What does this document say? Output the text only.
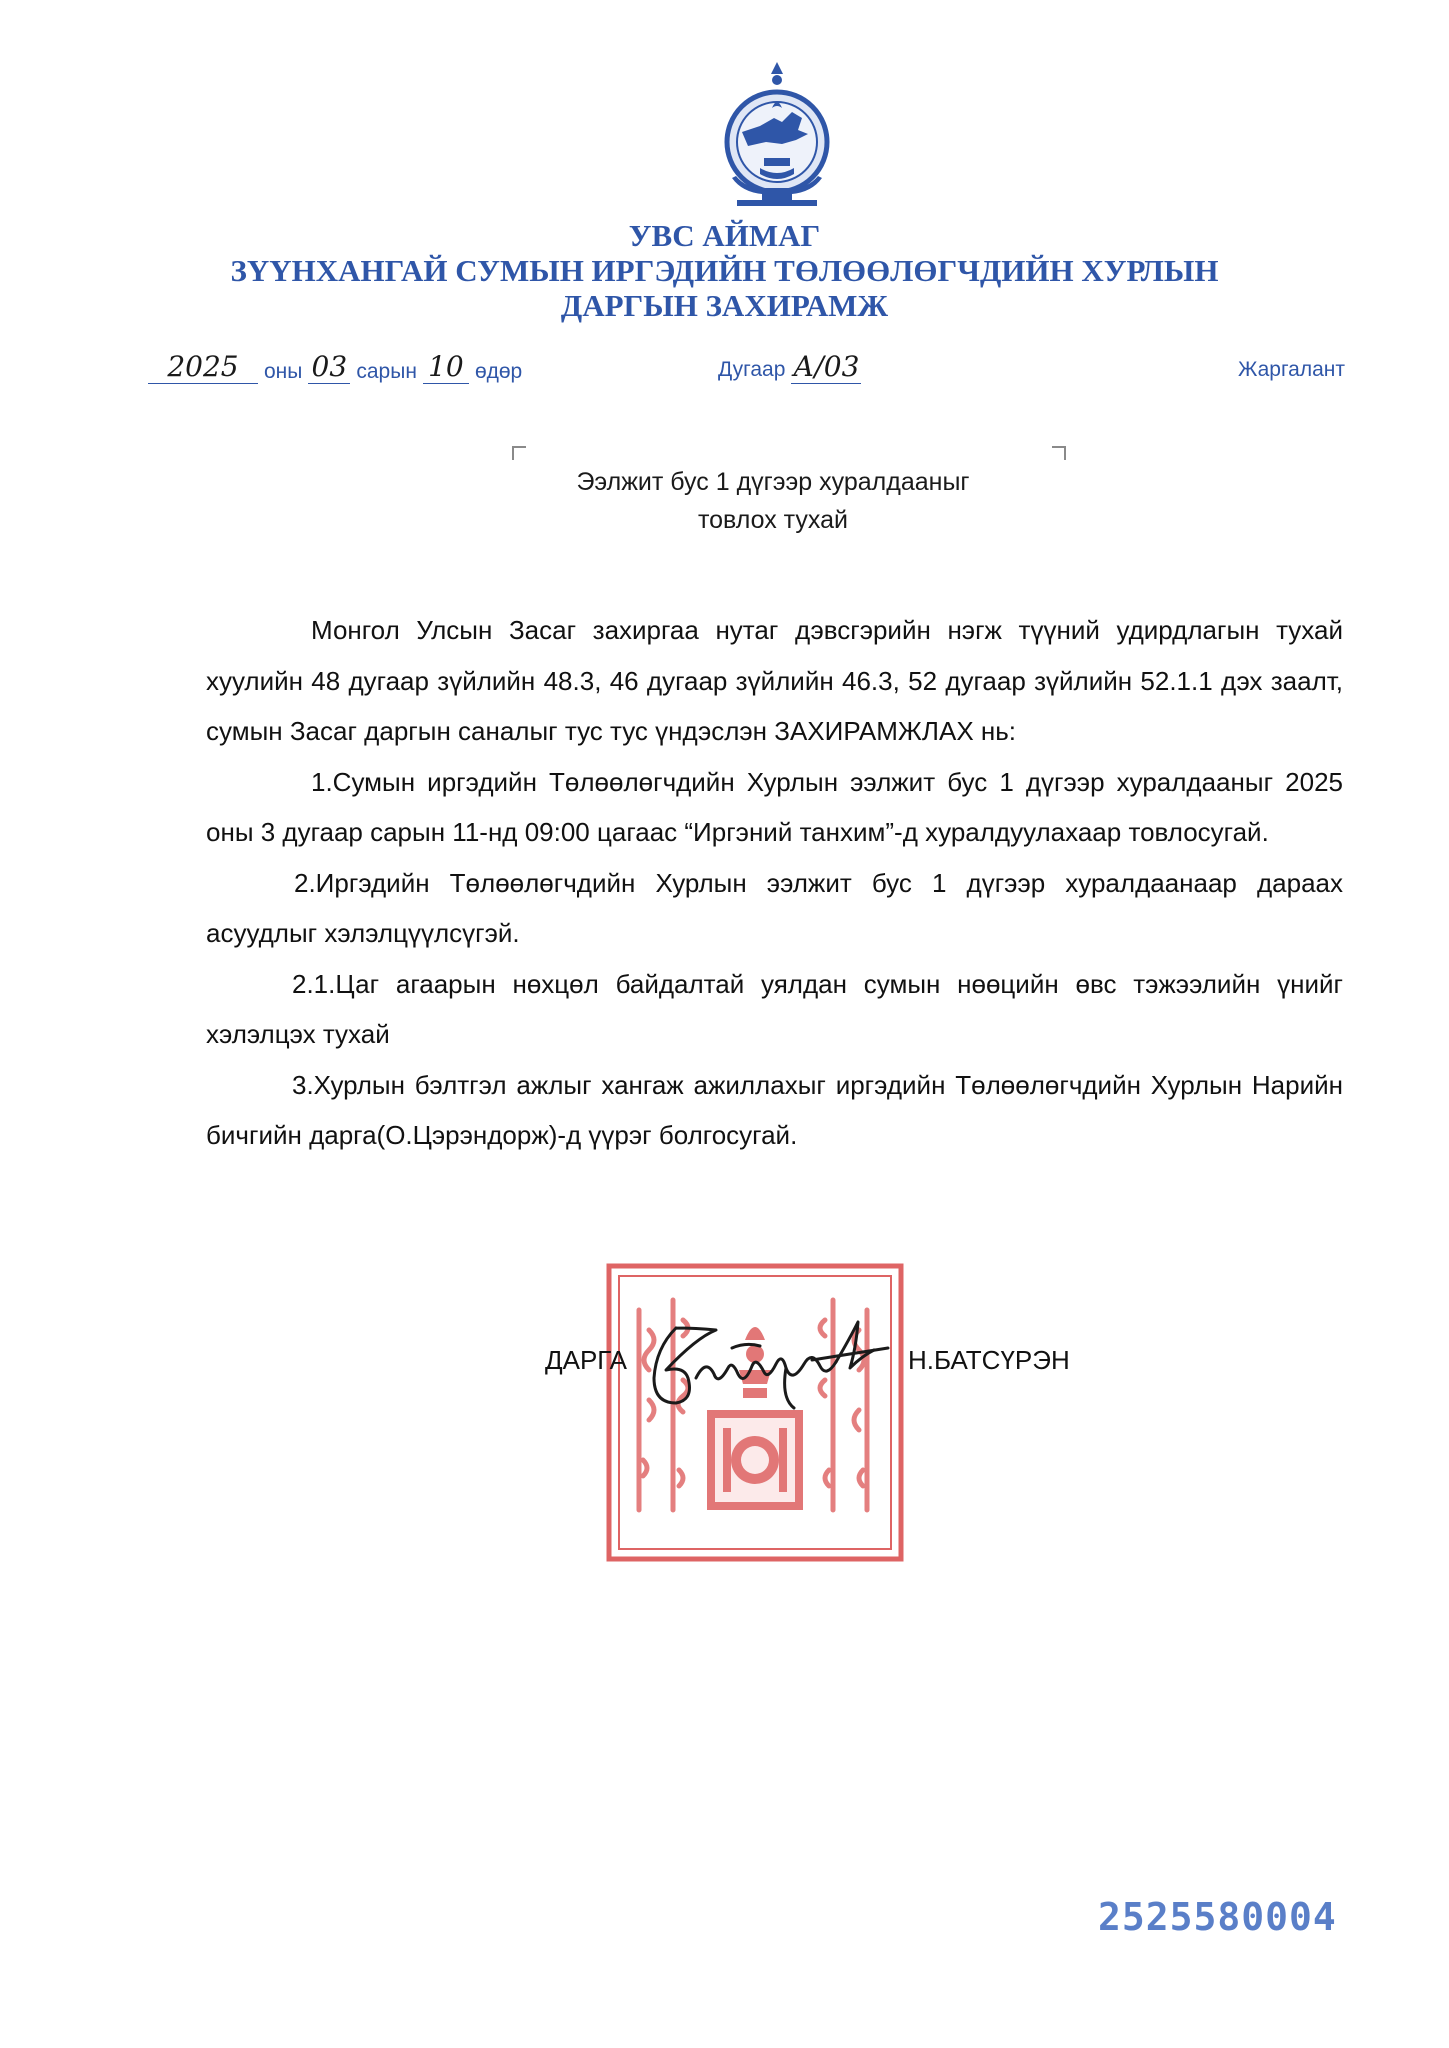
УВС АЙМАГ
ЗҮҮНХАНГАЙ СУМЫН ИРГЭДИЙН ТӨЛӨӨЛӨГЧДИЙН ХУРЛЫН
ДАРГЫН ЗАХИРАМЖ
2025 оны 03 сарын 10 өдөр	Дугаар А/03	Жаргалант
Ээлжит бус 1 дүгээр хуралдааныг
товлох тухай

Монгол Улсын Засаг захиргаа нутаг дэвсгэрийн нэгж түүний удирдлагын тухай хуулийн 48 дугаар зүйлийн 48.3, 46 дугаар зүйлийн 46.3, 52 дугаар зүйлийн 52.1.1 дэх заалт, сумын Засаг даргын саналыг тус тус үндэслэн ЗАХИРАМЖЛАХ нь:

1.Сумын иргэдийн Төлөөлөгчдийн Хурлын ээлжит бус 1 дүгээр хуралдааныг 2025 оны 3 дугаар сарын 11-нд 09:00 цагаас “Иргэний танхим”-д хуралдуулахаар товлосугай.

2.Иргэдийн Төлөөлөгчдийн Хурлын ээлжит бус 1 дүгээр хуралдаанаар дараах асуудлыг хэлэлцүүлсүгэй.

2.1.Цаг агаарын нөхцөл байдалтай уялдан сумын нөөцийн өвс тэжээлийн үнийг хэлэлцэх тухай

3.Хурлын бэлтгэл ажлыг хангаж ажиллахыг иргэдийн Төлөөлөгчдийн Хурлын Нарийн бичгийн дарга(О.Цэрэндорж)-д үүрэг болгосугай.

ДАРГА	Н.БАТСҮРЭН
2525580004
